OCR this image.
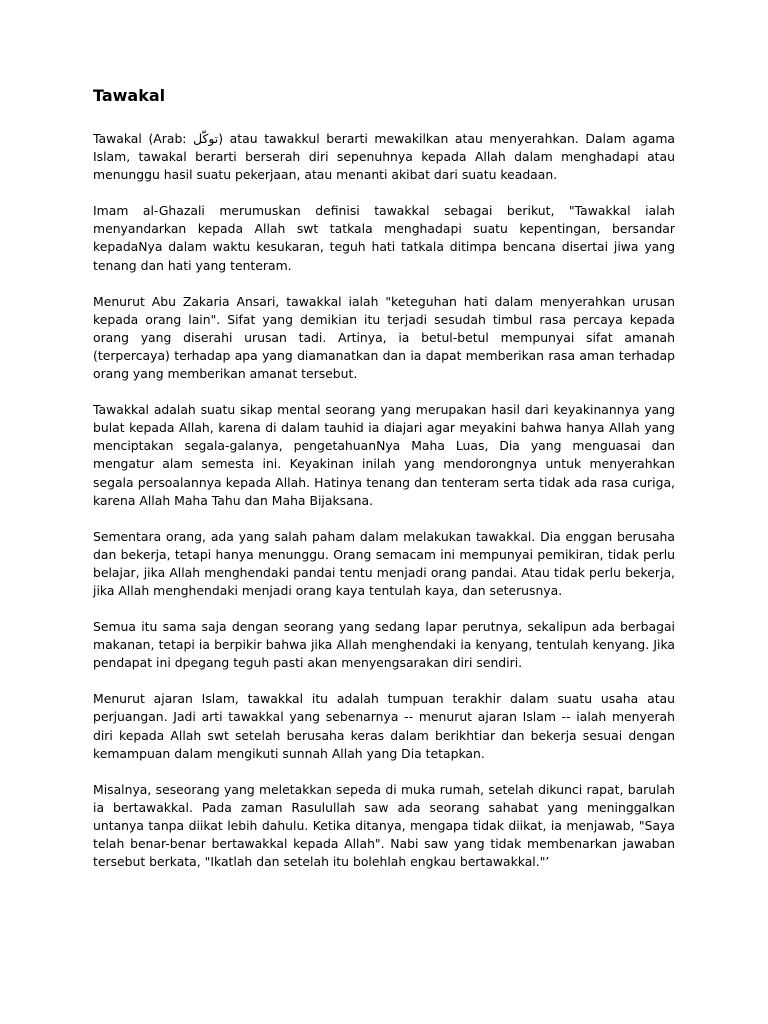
Tawakal

Tawakal (Arab: توكّل) atau tawakkul berarti mewakilkan atau menyerahkan. Dalam agama Islam, tawakal berarti berserah diri sepenuhnya kepada Allah dalam menghadapi atau menunggu hasil suatu pekerjaan, atau menanti akibat dari suatu keadaan.

Imam al-Ghazali merumuskan definisi tawakkal sebagai berikut, "Tawakkal ialah menyandarkan kepada Allah swt tatkala menghadapi suatu kepentingan, bersandar kepadaNya dalam waktu kesukaran, teguh hati tatkala ditimpa bencana disertai jiwa yang tenang dan hati yang tenteram.

Menurut Abu Zakaria Ansari, tawakkal ialah "keteguhan hati dalam menyerahkan urusan kepada orang lain". Sifat yang demikian itu terjadi sesudah timbul rasa percaya kepada orang yang diserahi urusan tadi. Artinya, ia betul-betul mempunyai sifat amanah (terpercaya) terhadap apa yang diamanatkan dan ia dapat memberikan rasa aman terhadap orang yang memberikan amanat tersebut.

Tawakkal adalah suatu sikap mental seorang yang merupakan hasil dari keyakinannya yang bulat kepada Allah, karena di dalam tauhid ia diajari agar meyakini bahwa hanya Allah yang menciptakan segala-galanya, pengetahuanNya Maha Luas, Dia yang menguasai dan mengatur alam semesta ini. Keyakinan inilah yang mendorongnya untuk menyerahkan segala persoalannya kepada Allah. Hatinya tenang dan tenteram serta tidak ada rasa curiga, karena Allah Maha Tahu dan Maha Bijaksana.

Sementara orang, ada yang salah paham dalam melakukan tawakkal. Dia enggan berusaha dan bekerja, tetapi hanya menunggu. Orang semacam ini mempunyai pemikiran, tidak perlu belajar, jika Allah menghendaki pandai tentu menjadi orang pandai. Atau tidak perlu bekerja, jika Allah menghendaki menjadi orang kaya tentulah kaya, dan seterusnya.

Semua itu sama saja dengan seorang yang sedang lapar perutnya, sekalipun ada berbagai makanan, tetapi ia berpikir bahwa jika Allah menghendaki ia kenyang, tentulah kenyang. Jika pendapat ini dpegang teguh pasti akan menyengsarakan diri sendiri.

Menurut ajaran Islam, tawakkal itu adalah tumpuan terakhir dalam suatu usaha atau perjuangan. Jadi arti tawakkal yang sebenarnya -- menurut ajaran Islam -- ialah menyerah diri kepada Allah swt setelah berusaha keras dalam berikhtiar dan bekerja sesuai dengan kemampuan dalam mengikuti sunnah Allah yang Dia tetapkan.

Misalnya, seseorang yang meletakkan sepeda di muka rumah, setelah dikunci rapat, barulah ia bertawakkal. Pada zaman Rasulullah saw ada seorang sahabat yang meninggalkan untanya tanpa diikat lebih dahulu. Ketika ditanya, mengapa tidak diikat, ia menjawab, "Saya telah benar-benar bertawakkal kepada Allah". Nabi saw yang tidak membenarkan jawaban tersebut berkata, "Ikatlah dan setelah itu bolehlah engkau bertawakkal."’
